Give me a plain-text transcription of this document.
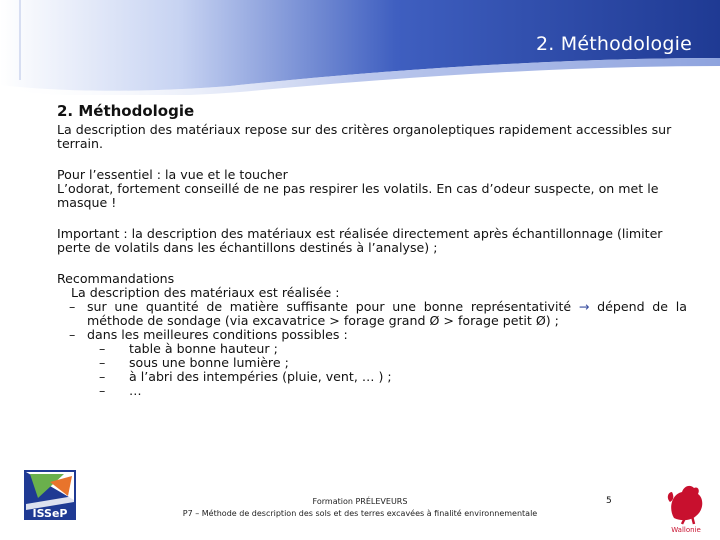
2. Méthodologie
2. Méthodologie
La description des matériaux repose sur des critères organoleptiques rapidement accessibles sur terrain.
Pour l’essentiel : la vue et le toucher
L’odorat, fortement conseillé de ne pas respirer les volatils. En cas d’odeur suspecte, on met le masque !
Important : la description des matériaux est réalisée directement après échantillonnage (limiter perte de volatils dans les échantillons destinés à l’analyse) ;
Recommandations
La description des matériaux est réalisée :
– sur une quantité de matière suffisante pour une bonne représentativité → dépend de la méthode de sondage (via excavatrice > forage grand Ø > forage petit Ø) ;
– dans les meilleures conditions possibles :
– table à bonne hauteur ;
– sous une bonne lumière ;
– à l’abri des intempéries (pluie, vent, … ) ;
– …
ISSeP
Formation PRÉLEVEURS
P7 – Méthode de description des sols et des terres excavées à finalité environnementale
5
Wallonie
